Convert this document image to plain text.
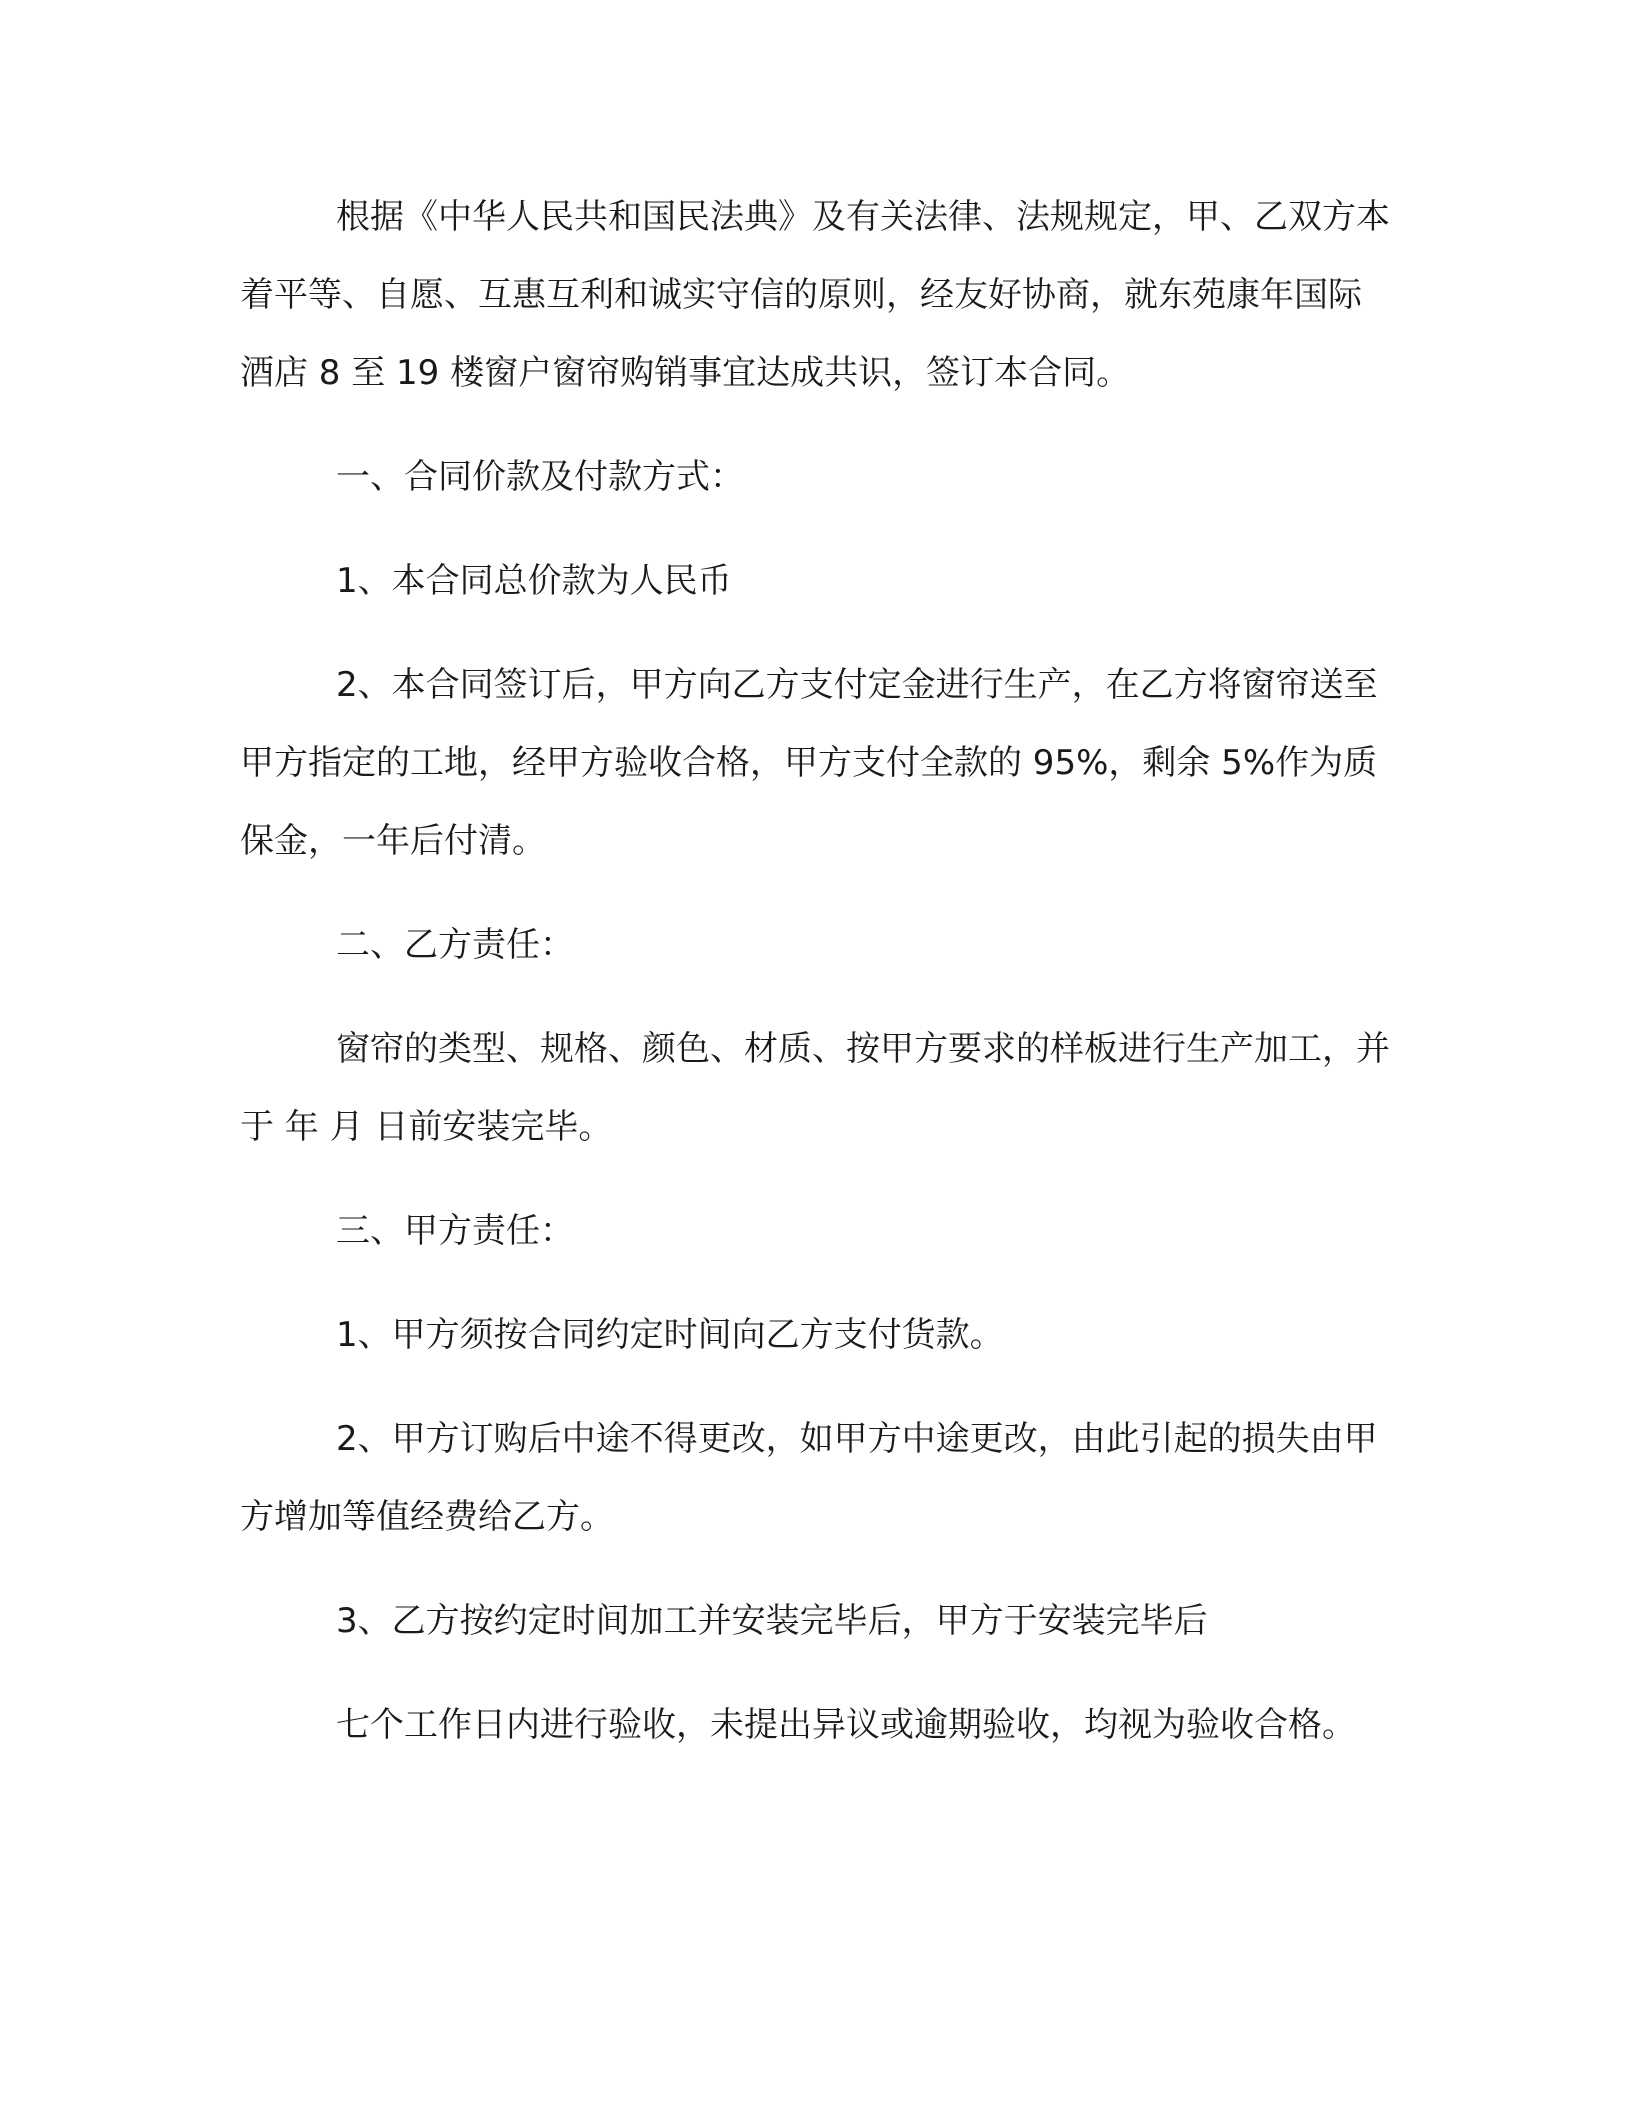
根据《中华人民共和国民法典》及有关法律、法规规定，甲、乙双方本着平等、自愿、互惠互利和诚实守信的原则，经友好协商，就东苑康年国际酒店 8 至 19 楼窗户窗帘购销事宜达成共识，签订本合同。

一、合同价款及付款方式：

1、本合同总价款为人民币

2、本合同签订后，甲方向乙方支付定金进行生产，在乙方将窗帘送至甲方指定的工地，经甲方验收合格，甲方支付全款的 95%，剩余 5%作为质保金，一年后付清。

二、乙方责任：

窗帘的类型、规格、颜色、材质、按甲方要求的样板进行生产加工，并于 年 月 日前安装完毕。

三、甲方责任：

1、甲方须按合同约定时间向乙方支付货款。

2、甲方订购后中途不得更改，如甲方中途更改，由此引起的损失由甲方增加等值经费给乙方。

3、乙方按约定时间加工并安装完毕后，甲方于安装完毕后

七个工作日内进行验收，未提出异议或逾期验收，均视为验收合格。
